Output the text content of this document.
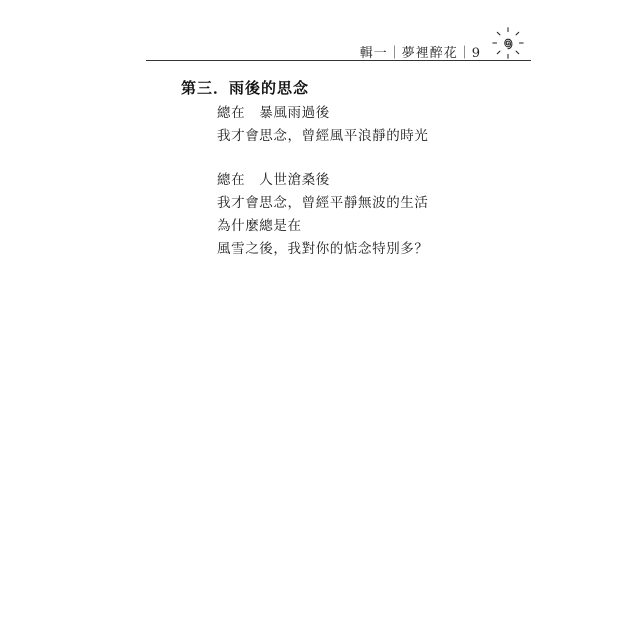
輯一｜夢裡醉花｜9
第三．雨後的思念
總在　暴風雨過後
我才會思念，曾經風平浪靜的時光
總在　人世滄桑後
我才會思念，曾經平靜無波的生活
為什麼總是在
風雪之後，我對你的惦念特別多？
